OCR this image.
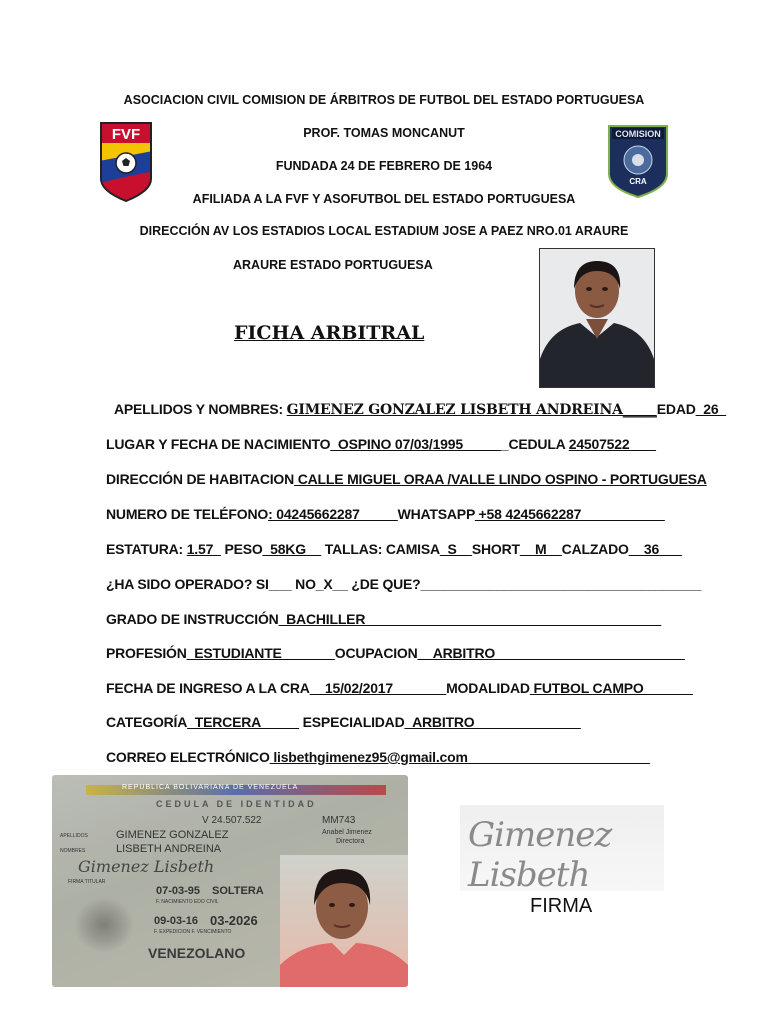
ASOCIACION CIVIL COMISION DE ÁRBITROS DE FUTBOL DEL ESTADO PORTUGUESA
PROF. TOMAS MONCANUT
FUNDADA 24 DE FEBRERO DE 1964
AFILIADA A LA FVF Y ASOFUTBOL DEL ESTADO PORTUGUESA
DIRECCIÓN AV LOS ESTADIOS LOCAL ESTADIUM JOSE A PAEZ NRO.01 ARAURE
ARAURE ESTADO PORTUGUESA
FVF	COMISION
CRA
FICHA ARBITRAL
APELLIDOS Y NOMBRES: GIMENEZ GONZALEZ LISBETH ANDREINA_____EDAD_26_
LUGAR Y FECHA DE NACIMIENTO_OSPINO 07/03/1995______CEDULA 24507522 ___
DIRECCIÓN DE HABITACION CALLE MIGUEL ORAA /VALLE LINDO OSPINO - PORTUGUESA
NUMERO DE TELÉFONO: 04245662287_____WHATSAPP +58 4245662287___________
ESTATURA: 1.57_ PESO_58KG__ TALLAS: CAMISA_S__SHORT__M__CALZADO__36___
¿HA SIDO OPERADO? SI___ NO_X__ ¿DE QUE?_____________________________________
GRADO DE INSTRUCCIÓN_BACHILLER_______________________________________
PROFESIÓN_ESTUDIANTE_______OCUPACION__ARBITRO_________________________
FECHA DE INGRESO A LA CRA__15/02/2017_______MODALIDAD FUTBOL CAMPO_____ _
CATEGORÍA_TERCERA_____ ESPECIALIDAD_ARBITRO______________
CORREO ELECTRÓNICO lisbethgimenez95@gmail.com________________________
REPUBLICA BOLIVARIANA DE VENEZUELA
CEDULA DE IDENTIDAD
V 24.507.522	MM743
Anabel Jimenez
Directora
APELLIDOS	GIMENEZ GONZALEZ
NOMBRES	LISBETH ANDREINA
Gimenez Lisbeth
FIRMA TITULAR
07-03-95 SOLTERA
F. NACIMIENTO EDO CIVIL
09-03-16 03-2026
F. EXPEDICION F. VENCIMIENTO
VENEZOLANO
Gimenez Lisbeth
FIRMA
